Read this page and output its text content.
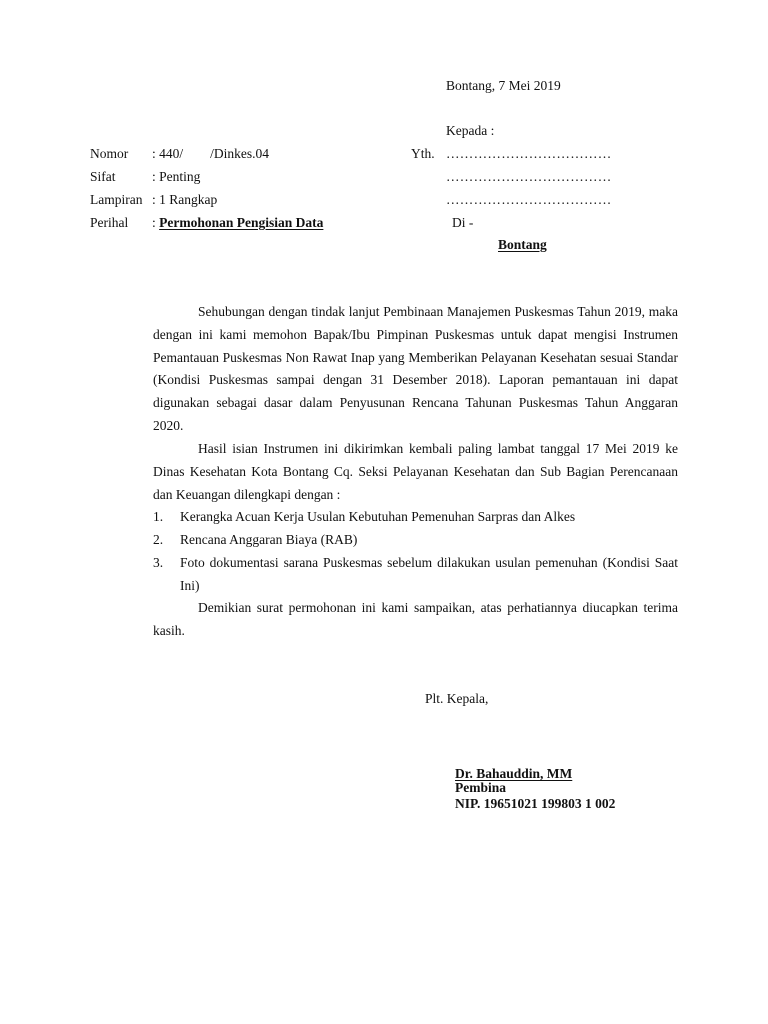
Bontang, 7 Mei 2019
Kepada :
Yth. ………………………………
………………………………
………………………………
Di -
Bontang
Nomor : 440/        /Dinkes.04
Sifat	: Penting
Lampiran : 1 Rangkap
Perihal : Permohonan Pengisian Data
Sehubungan dengan tindak lanjut Pembinaan Manajemen Puskesmas Tahun 2019, maka dengan ini kami memohon Bapak/Ibu Pimpinan Puskesmas untuk dapat mengisi Instrumen Pemantauan Puskesmas Non Rawat Inap yang Memberikan Pelayanan Kesehatan sesuai Standar (Kondisi Puskesmas sampai dengan 31 Desember 2018). Laporan pemantauan ini dapat digunakan sebagai dasar dalam Penyusunan Rencana Tahunan Puskesmas Tahun Anggaran 2020.
Hasil isian Instrumen ini dikirimkan kembali paling lambat tanggal 17 Mei 2019 ke Dinas Kesehatan Kota Bontang Cq. Seksi Pelayanan Kesehatan dan Sub Bagian Perencanaan dan Keuangan dilengkapi dengan :
1. Kerangka Acuan Kerja Usulan Kebutuhan Pemenuhan Sarpras dan Alkes
2. Rencana Anggaran Biaya (RAB)
3. Foto dokumentasi sarana Puskesmas sebelum dilakukan usulan pemenuhan (Kondisi Saat Ini)
Demikian surat permohonan ini kami sampaikan, atas perhatiannya diucapkan terima kasih.
Plt. Kepala,
Dr. Bahauddin, MM
Pembina
NIP. 19651021 199803 1 002
